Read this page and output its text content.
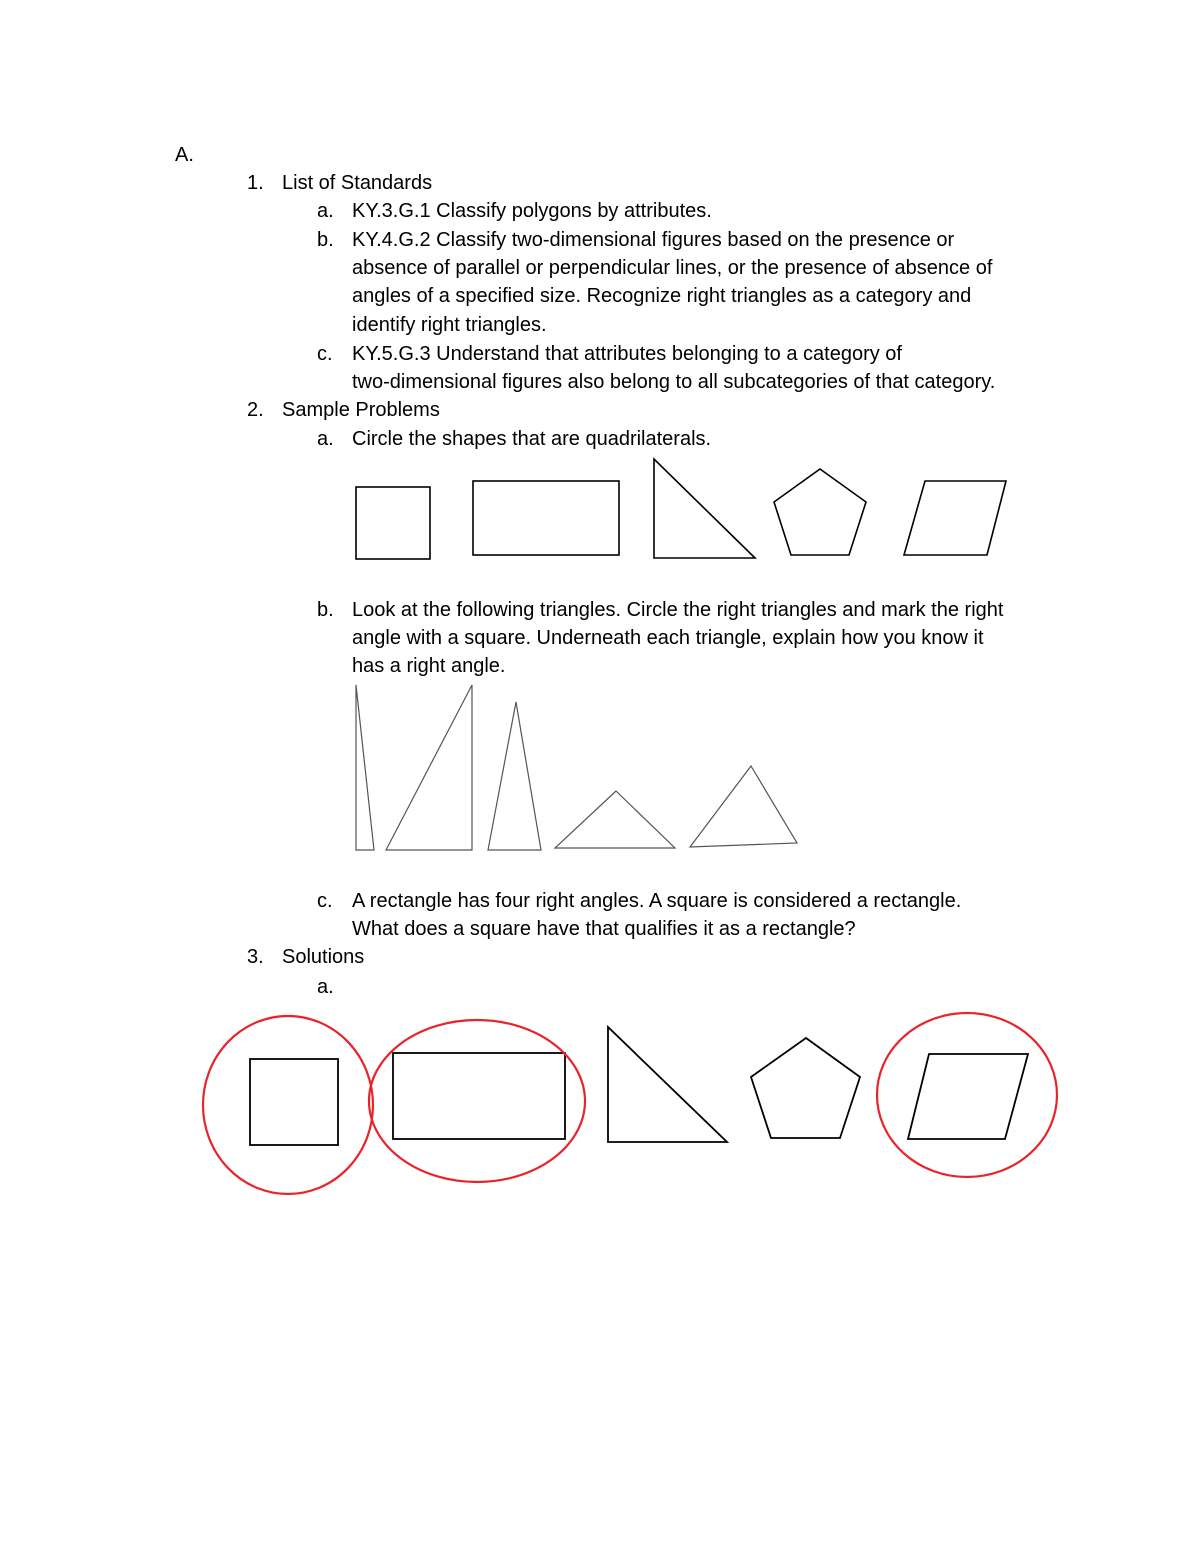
A.
1. List of Standards
a. KY.3.G.1 Classify polygons by attributes.
b. KY.4.G.2 Classify two-dimensional figures based on the presence or
absence of parallel or perpendicular lines, or the presence of absence of
angles of a specified size. Recognize right triangles as a category and
identify right triangles.
c. KY.5.G.3 Understand that attributes belonging to a category of
two-dimensional figures also belong to all subcategories of that category.
2. Sample Problems
a. Circle the shapes that are quadrilaterals.
b. Look at the following triangles. Circle the right triangles and mark the right
angle with a square. Underneath each triangle, explain how you know it
has a right angle.
c. A rectangle has four right angles. A square is considered a rectangle.
What does a square have that qualifies it as a rectangle?
3. Solutions
a.
